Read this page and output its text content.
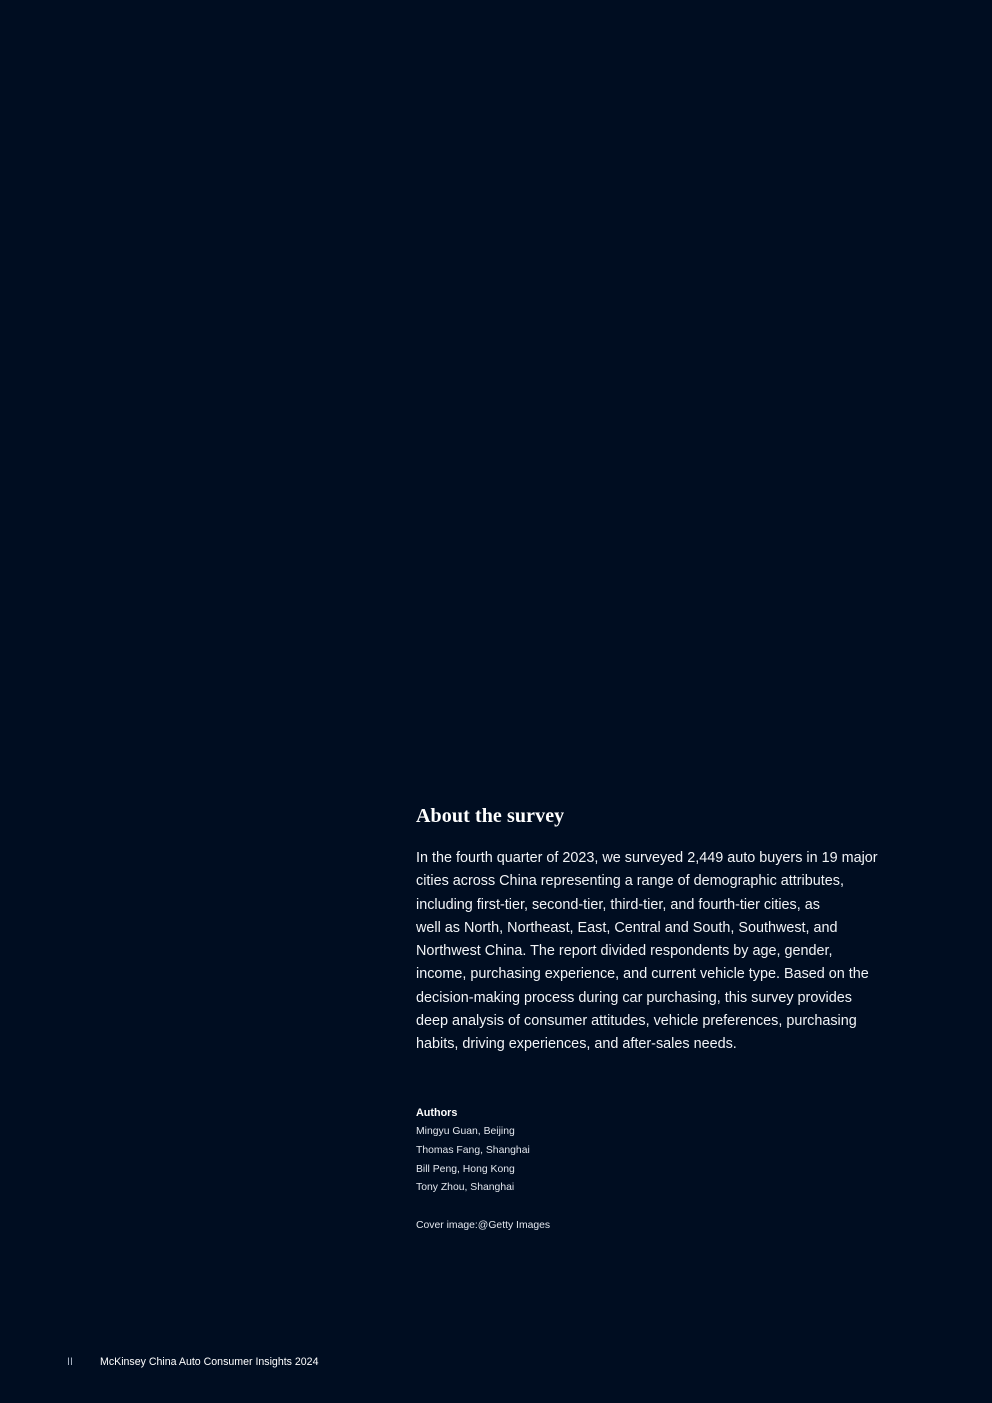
About the survey

In the fourth quarter of 2023, we surveyed 2,449 auto buyers in 19 major
cities across China representing a range of demographic attributes,
including first-tier, second-tier, third-tier, and fourth-tier cities, as
well as North, Northeast, East, Central and South, Southwest, and
Northwest China. The report divided respondents by age, gender,
income, purchasing experience, and current vehicle type. Based on the
decision-making process during car purchasing, this survey provides
deep analysis of consumer attitudes, vehicle preferences, purchasing
habits, driving experiences, and after-sales needs.

Authors
Mingyu Guan, Beijing
Thomas Fang, Shanghai
Bill Peng, Hong Kong
Tony Zhou, Shanghai
Cover image:@Getty Images
II	McKinsey China Auto Consumer Insights 2024
